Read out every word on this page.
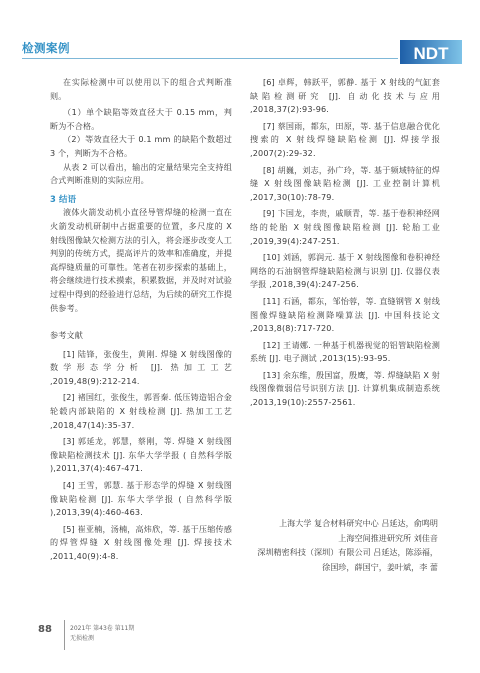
检测案例	NDT
在实际检测中可以使用以下的组合式判断准则。
（1）单个缺陷等效直径大于 0.15 mm，判断为不合格。
（2）等效直径大于 0.1 mm 的缺陷个数超过 3 个，判断为不合格。
从表 2 可以看出，输出的定量结果完全支持组合式判断准则的实际应用。
3 结语
液体火箭发动机小直径导管焊缝的检测一直在火箭发动机研制中占据重要的位置，多尺度的 X 射线图像缺欠检测方法的引入，将会逐步改变人工判别的传统方式，提高评片的效率和准确度，并提高焊缝质量的可靠性。笔者在初步探索的基础上，将会继续进行技术摸索，积累数据，并及时对试验过程中得到的经验进行总结，为后续的研究工作提供参考。
参考文献
[1] 陆锋，张俊生，黄刚. 焊缝 X 射线图像的数学形态学分析 [J]. 热加工工艺 ,2019,48(9):212-214.
[2] 褚国红，张俊生，郭晋秦. 低压铸造铝合金轮毂内部缺陷的 X 射线检测 [J]. 热加工工艺 ,2018,47(14):35-37.
[3] 郭延龙，郭慧，蔡刚，等. 焊缝 X 射线图像缺陷检测技术 [J]. 东华大学学报 ( 自然科学版 ),2011,37(4):467-471.
[4] 王雪，郭慧. 基于形态学的焊缝 X 射线图像缺陷检测 [J]. 东华大学学报 ( 自然科学版 ),2013,39(4):460-463.
[5] 崔亚楠，汤楠，高炜欣，等. 基于压缩传感的焊管焊缝 X 射线图像处理 [J]. 焊接技术 ,2011,40(9):4-8.
[6] 卓辉，韩跃平，郭静. 基于 X 射线的气缸套缺陷检测研究 [J]. 自动化技术与应用 ,2018,37(2):93-96.
[7] 蔡国雨，都东，田原，等. 基于信息融合优化搜索的 X 射线焊缝缺陷检测 [J]. 焊接学报 ,2007(2):29-32.
[8] 胡巍，刘志，孙广玲，等. 基于频域特征的焊缝 X 射线图像缺陷检测 [J]. 工业控制计算机 ,2017,30(10):78-79.
[9] 卞国龙，李贵，戚顺青，等. 基于卷积神经网络的轮胎 X 射线图像缺陷检测 [J]. 轮胎工业 ,2019,39(4):247-251.
[10] 刘涵，郭润元. 基于 X 射线图像和卷积神经网络的石油钢管焊缝缺陷检测与识别 [J]. 仪器仪表学报 ,2018,39(4):247-256.
[11] 石涵，都东，邹怡蓉，等. 直缝钢管 X 射线图像焊缝缺陷检测降噪算法 [J]. 中国科技论文 ,2013,8(8):717-720.
[12] 王请娜. 一种基于机器视觉的铝管缺陷检测系统 [J]. 电子测试 ,2013(15):93-95.
[13] 余东维，殷国富，殷鹰，等. 焊缝缺陷 X 射线图像微弱信号识别方法 [J]. 计算机集成制造系统 ,2013,19(10):2557-2561.
上海大学 复合材料研究中心 吕延达，俞鸣明
上海空间推进研究所 刘佳音
深圳精密科技（深圳）有限公司 吕延达，陈添福，
徐国珍，薛国宁，姜叶斌，李 蕾
88	2021年 第43卷 第11期
无损检测
